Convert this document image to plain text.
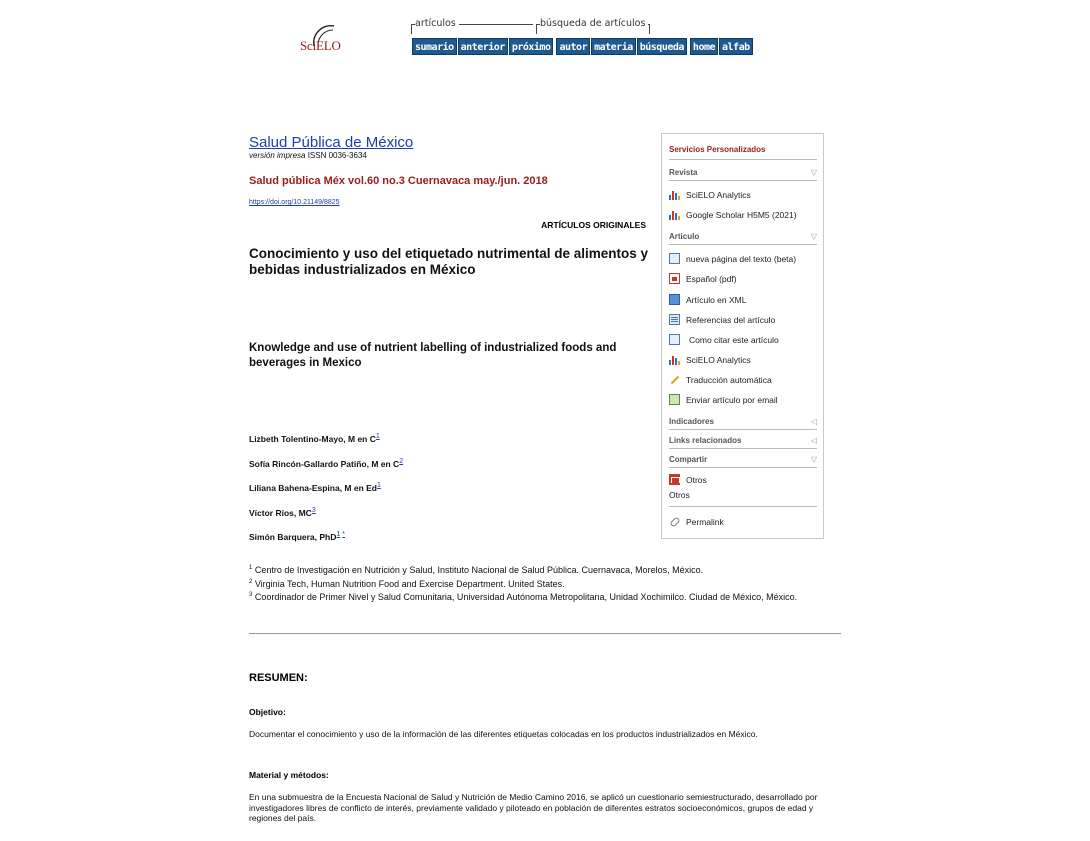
SciELO
artículos	búsqueda de artículos
sumario anterior próximo autor materia búsqueda home alfab
Salud Pública de México
versión impresa ISSN 0036-3634
Salud pública Méx vol.60 no.3 Cuernavaca may./jun. 2018
https://doi.org/10.21149/8825
ARTÍCULOS ORIGINALES
Conocimiento y uso del etiquetado nutrimental de alimentos y bebidas industrializados en México
Knowledge and use of nutrient labelling of industrialized foods and beverages in Mexico
Lizbeth Tolentino-Mayo, M en $C^1$
Sofía Rincón-Gallardo Patiño, M en $C^2$
Liliana Bahena-Espina, M en Ed$^1$
Víctor Ríos, $MC^3$
Simón Barquera, PhD$^{1 *}$
$^1$ Centro de Investigación en Nutrición y Salud, Instituto Nacional de Salud Pública. Cuernavaca, Morelos, México.
$^2$ Virginia Tech, Human Nutrition Food and Exercise Department. United States.
$^3$ Coordinador de Primer Nivel y Salud Comunitaria, Universidad Autónoma Metropolitana, Unidad Xochimilco. Ciudad de México, México.
RESUMEN:
Objetivo:

Documentar el conocimiento y uso de la información de las diferentes etiquetas colocadas en los productos industrializados en México.

Material y métodos:

En una submuestra de la Encuesta Nacional de Salud y Nutrición de Medio Camino 2016, se aplicó un cuestionario semiestructurado, desarrollado por investigadores libres de conflicto de interés, previamente validado y piloteado en población de diferentes estratos socioeconómicos, grupos de edad y regiones del país.

Servicios Personalizados
Revista	▽
SciELO Analytics
Google Scholar H5M5 (2021)
Articulo	▽
nueva página del texto (beta)
Español (pdf)
Artículo en XML
Referencias del artículo
Como citar este artículo
SciELO Analytics
Traducción automática
Enviar artículo por email
Indicadores	◁
Links relacionados	◁
Compartir	▽
Otros
Otros
Permalink
